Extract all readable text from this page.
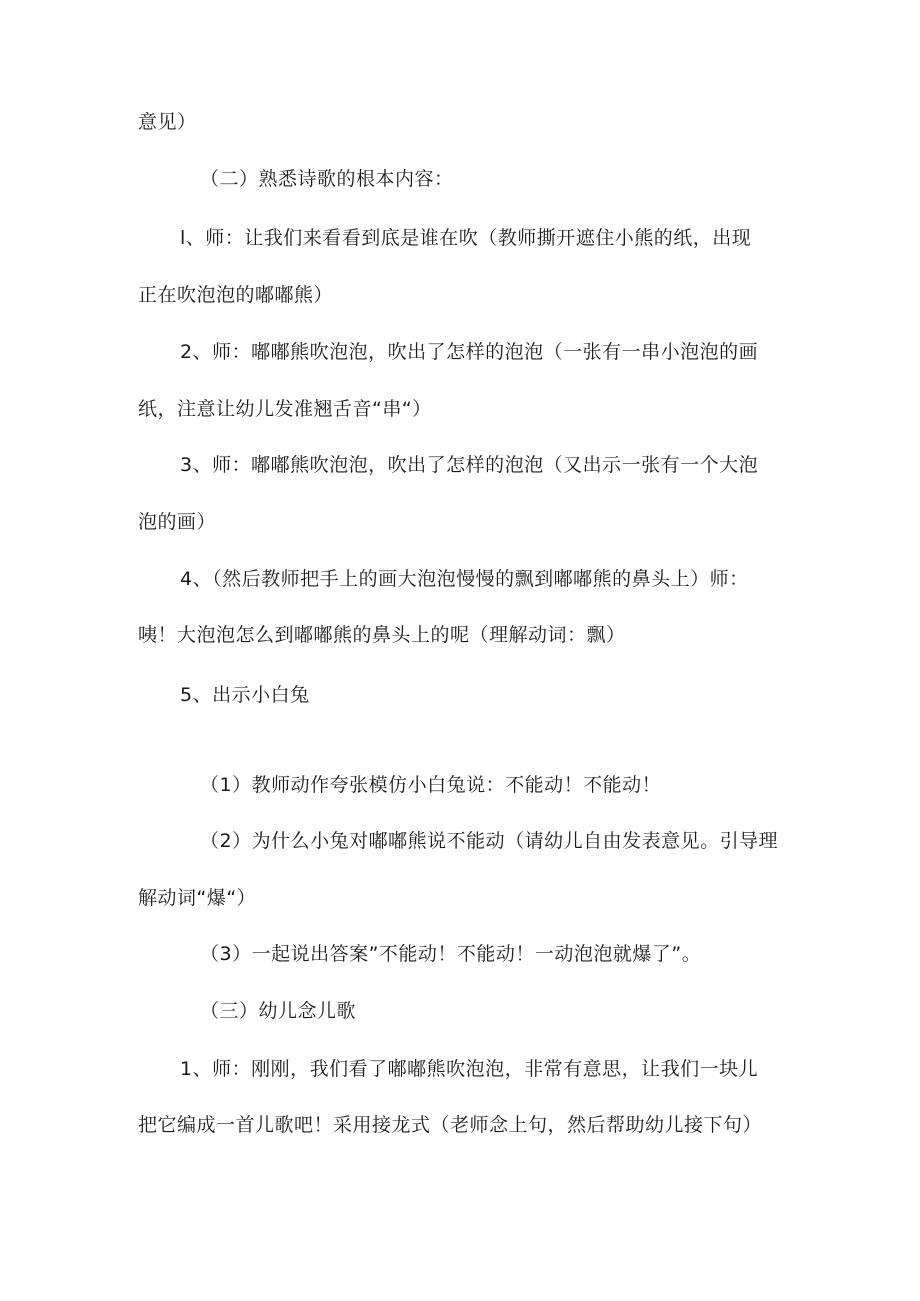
意见）
（二）熟悉诗歌的根本内容：
l、师：让我们来看看到底是谁在吹（教师撕开遮住小熊的纸，出现
正在吹泡泡的嘟嘟熊）
2、师：嘟嘟熊吹泡泡，吹出了怎样的泡泡（一张有一串小泡泡的画
纸，注意让幼儿发准翘舌音“串“）
3、师：嘟嘟熊吹泡泡，吹出了怎样的泡泡（又出示一张有一个大泡
泡的画）
4、（然后教师把手上的画大泡泡慢慢的飘到嘟嘟熊的鼻头上）师：
咦！大泡泡怎么到嘟嘟熊的鼻头上的呢（理解动词：飘）
5、出示小白兔
（1）教师动作夸张模仿小白兔说：不能动！不能动！
（2）为什么小兔对嘟嘟熊说不能动（请幼儿自由发表意见。引导理
解动词“爆“）
（3）一起说出答案”不能动！不能动！一动泡泡就爆了”。
（三）幼儿念儿歌
1、师：刚刚，我们看了嘟嘟熊吹泡泡，非常有意思，让我们一块儿
把它编成一首儿歌吧！采用接龙式（老师念上句，然后帮助幼儿接下句）
